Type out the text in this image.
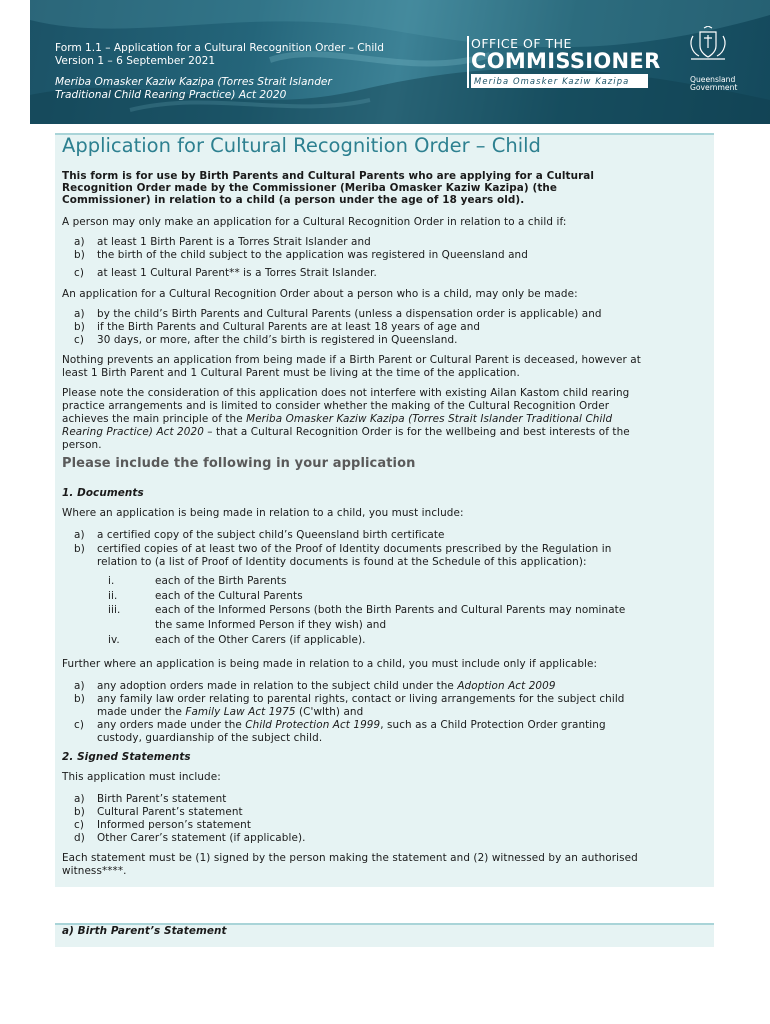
Form 1.1 – Application for a Cultural Recognition Order – Child
Version 1 – 6 September 2021
Meriba Omasker Kaziw Kazipa (Torres Strait Islander
Traditional Child Rearing Practice) Act 2020
OFFICE OF THE
COMMISSIONER
Meriba Omasker Kaziw Kazipa	Queensland
Government
Application for Cultural Recognition Order – Child
This form is for use by Birth Parents and Cultural Parents who are applying for a Cultural
Recognition Order made by the Commissioner (Meriba Omasker Kaziw Kazipa) (the
Commissioner) in relation to a child (a person under the age of 18 years old).
A person may only make an application for a Cultural Recognition Order in relation to a child if:
a) at least 1 Birth Parent is a Torres Strait Islander and
b) the birth of the child subject to the application was registered in Queensland and
c) at least 1 Cultural Parent** is a Torres Strait Islander.
An application for a Cultural Recognition Order about a person who is a child, may only be made:
a) by the child’s Birth Parents and Cultural Parents (unless a dispensation order is applicable) and
b) if the Birth Parents and Cultural Parents are at least 18 years of age and
c) 30 days, or more, after the child’s birth is registered in Queensland.
Nothing prevents an application from being made if a Birth Parent or Cultural Parent is deceased, however at
least 1 Birth Parent and 1 Cultural Parent must be living at the time of the application.
Please note the consideration of this application does not interfere with existing Ailan Kastom child rearing
practice arrangements and is limited to consider whether the making of the Cultural Recognition Order
achieves the main principle of the Meriba Omasker Kaziw Kazipa (Torres Strait Islander Traditional Child
Rearing Practice) Act 2020 – that a Cultural Recognition Order is for the wellbeing and best interests of the
person.
Please include the following in your application
1. Documents
Where an application is being made in relation to a child, you must include:
a) a certified copy of the subject child’s Queensland birth certificate
b) certified copies of at least two of the Proof of Identity documents prescribed by the Regulation in
relation to (a list of Proof of Identity documents is found at the Schedule of this application):
i.	each of the Birth Parents
ii.	each of the Cultural Parents
iii.	each of the Informed Persons (both the Birth Parents and Cultural Parents may nominate
the same Informed Person if they wish) and
iv.	each of the Other Carers (if applicable).
Further where an application is being made in relation to a child, you must include only if applicable:
a) any adoption orders made in relation to the subject child under the Adoption Act 2009
b) any family law order relating to parental rights, contact or living arrangements for the subject child
made under the Family Law Act 1975 (C'wlth) and
c) any orders made under the Child Protection Act 1999, such as a Child Protection Order granting
custody, guardianship of the subject child.
2. Signed Statements
This application must include:
a) Birth Parent’s statement
b) Cultural Parent’s statement
c) Informed person’s statement
d) Other Carer’s statement (if applicable).
Each statement must be (1) signed by the person making the statement and (2) witnessed by an authorised
witness****.
a) Birth Parent’s Statement
